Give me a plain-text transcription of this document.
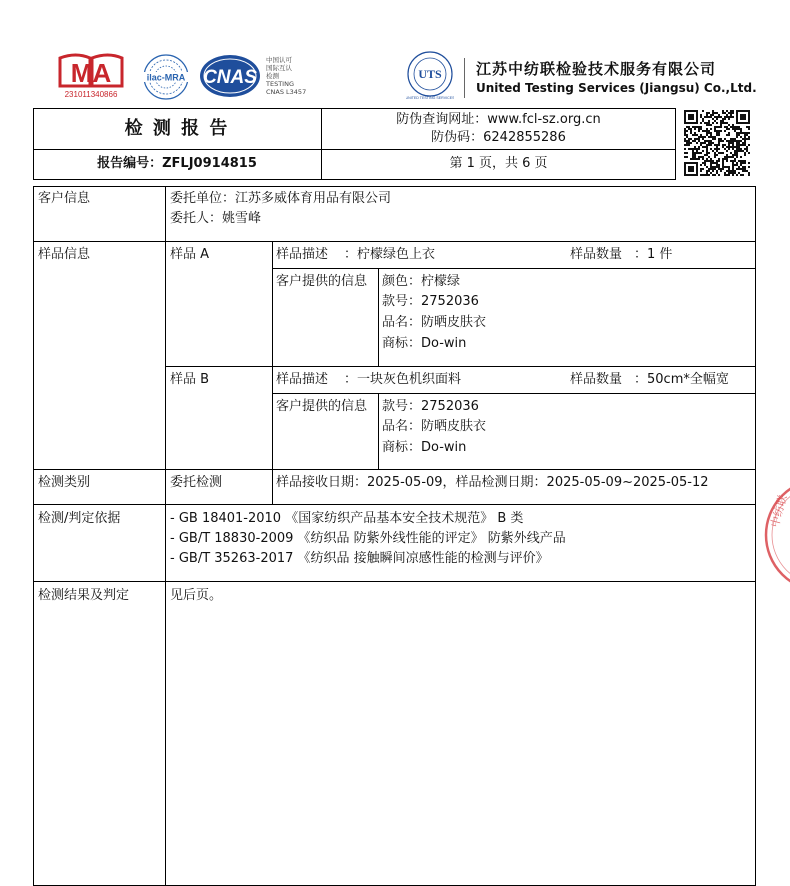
MA
231011340866
ilac-MRA CNAS
中国认可
国际互认
检测
TESTING
CNAS L3457
UTS
UNITED TESTING SERVICES
江苏中纺联检验技术服务有限公司
United Testing Services (Jiangsu) Co.,Ltd.
检 测 报 告	防伪查询网址：www.fcl-sz.org.cn
防伪码：6242855286
报告编号：ZFLJ0914815	第 1 页，共 6 页
客户信息	委托单位：江苏多威体育用品有限公司
委托人：姚雪峰
样品信息	样品 A	样品描述 ：柠檬绿色上衣	样品数量 ：1 件
客户提供的信息 颜色：柠檬绿
款号：2752036
品名：防晒皮肤衣
商标：Do-win
样品 B	样品描述 ：一块灰色机织面料	样品数量 ：50cm*全幅宽
客户提供的信息 款号：2752036
品名：防晒皮肤衣
商标：Do-win
检测类别	委托检测	样品接收日期：2025-05-09，样品检测日期：2025-05-09~2025-05-12
检测/判定依据	- GB 18401-2010 《国家纺织产品基本安全技术规范》 B 类
- GB/T 18830-2009 《纺织品 防紫外线性能的评定》 防紫外线产品
- GB/T 35263-2017 《纺织品 接触瞬间凉感性能的检测与评价》
检测结果及判定	见后页。
中纺联
